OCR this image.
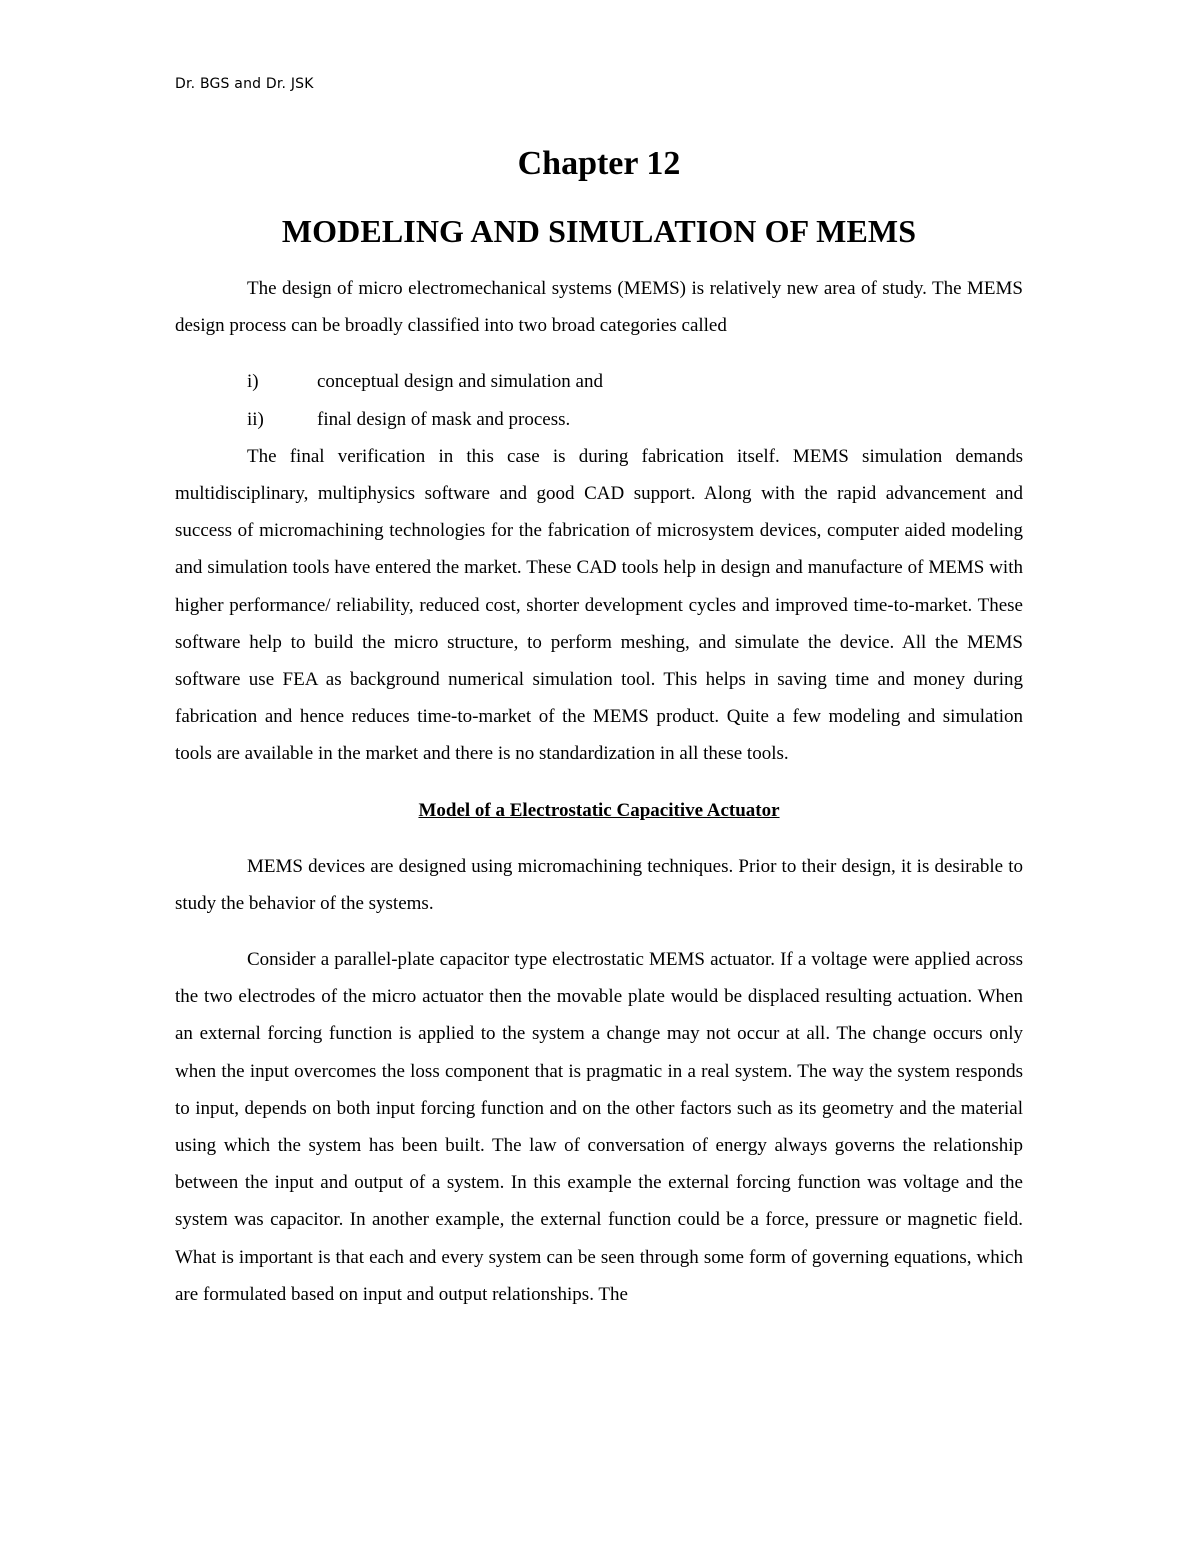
Dr. BGS and Dr. JSK
Chapter 12
MODELING AND SIMULATION OF MEMS

The design of micro electromechanical systems (MEMS) is relatively new area of study. The MEMS design process can be broadly classified into two broad categories called

i)	conceptual design and simulation and
ii)	final design of mask and process.

The final verification in this case is during fabrication itself. MEMS simulation demands multidisciplinary, multiphysics software and good CAD support. Along with the rapid advancement and success of micromachining technologies for the fabrication of microsystem devices, computer aided modeling and simulation tools have entered the market. These CAD tools help in design and manufacture of MEMS with higher performance/ reliability, reduced cost, shorter development cycles and improved time-to-market. These software help to build the micro structure, to perform meshing, and simulate the device. All the MEMS software use FEA as background numerical simulation tool. This helps in saving time and money during fabrication and hence reduces time-to-market of the MEMS product. Quite a few modeling and simulation tools are available in the market and there is no standardization in all these tools.

Model of a Electrostatic Capacitive Actuator

MEMS devices are designed using micromachining techniques. Prior to their design, it is desirable to study the behavior of the systems.

Consider a parallel-plate capacitor type electrostatic MEMS actuator. If a voltage were applied across the two electrodes of the micro actuator then the movable plate would be displaced resulting actuation. When an external forcing function is applied to the system a change may not occur at all. The change occurs only when the input overcomes the loss component that is pragmatic in a real system. The way the system responds to input, depends on both input forcing function and on the other factors such as its geometry and the material using which the system has been built. The law of conversation of energy always governs the relationship between the input and output of a system. In this example the external forcing function was voltage and the system was capacitor. In another example, the external function could be a force, pressure or magnetic field. What is important is that each and every system can be seen through some form of governing equations, which are formulated based on input and output relationships. The
